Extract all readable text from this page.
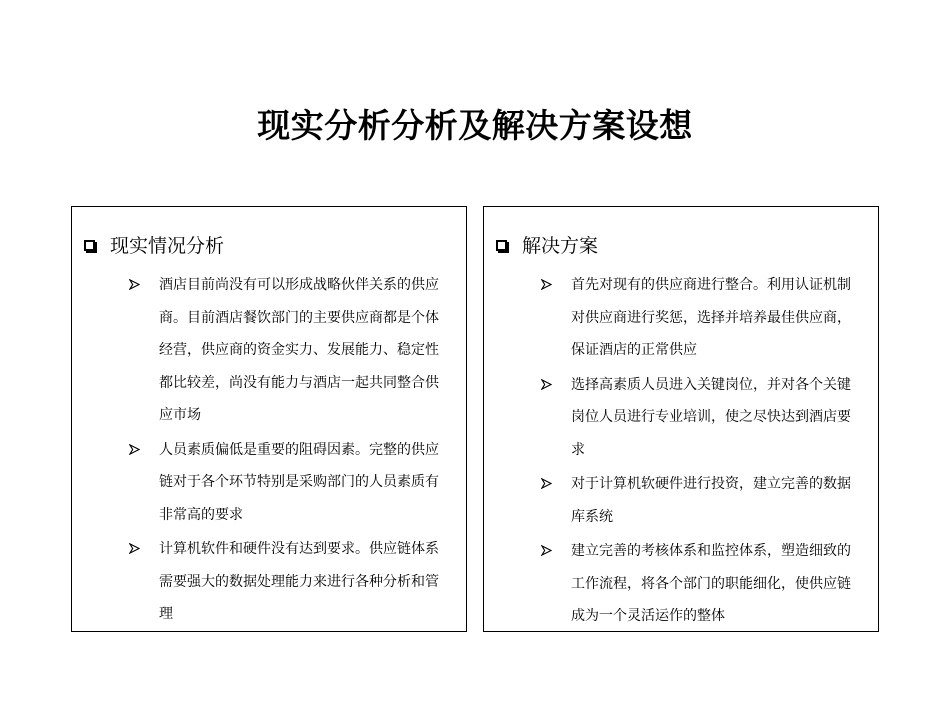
现实分析分析及解决方案设想
现实情况分析
酒店目前尚没有可以形成战略伙伴关系的供应商。目前酒店餐饮部门的主要供应商都是个体经营，供应商的资金实力、发展能力、稳定性都比较差，尚没有能力与酒店一起共同整合供应市场
人员素质偏低是重要的阻碍因素。完整的供应链对于各个环节特别是采购部门的人员素质有非常高的要求
计算机软件和硬件没有达到要求。供应链体系需要强大的数据处理能力来进行各种分析和管理
解决方案
首先对现有的供应商进行整合。利用认证机制对供应商进行奖惩，选择并培养最佳供应商，保证酒店的正常供应
选择高素质人员进入关键岗位，并对各个关键岗位人员进行专业培训，使之尽快达到酒店要求
对于计算机软硬件进行投资，建立完善的数据库系统
建立完善的考核体系和监控体系，塑造细致的工作流程，将各个部门的职能细化，使供应链成为一个灵活运作的整体
